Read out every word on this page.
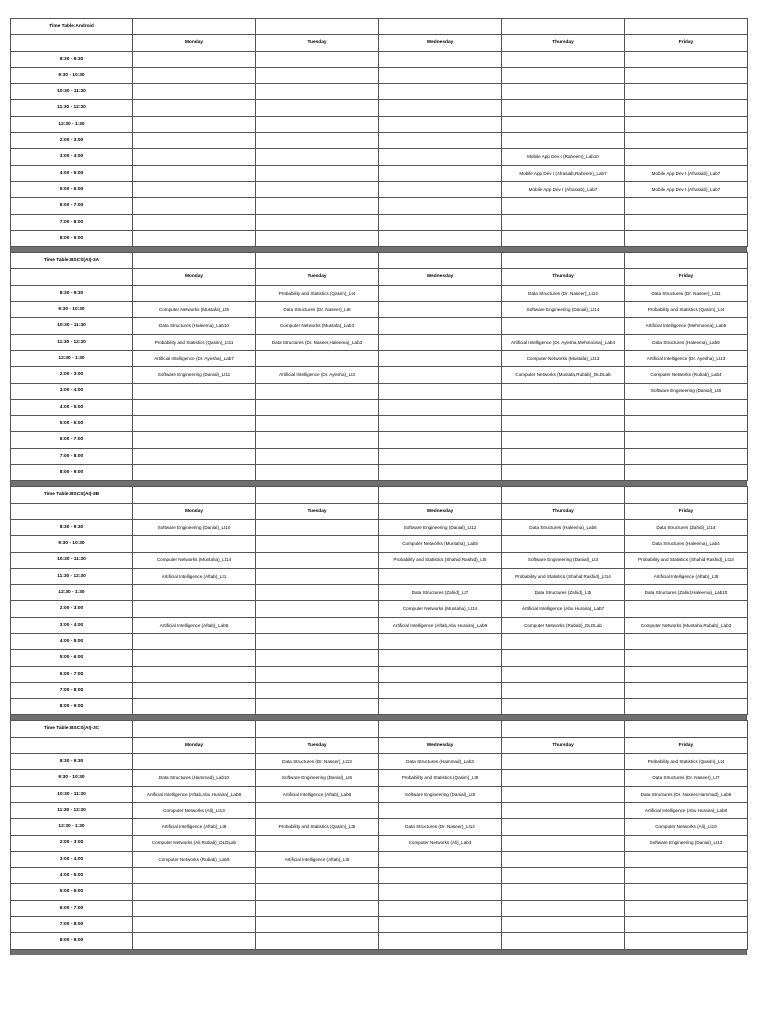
Time Table:Android					
	Monday	Tuesday	Wednesday	Thursday	Friday
8:30 - 9:30					
9:30 - 10:30					
10:30 - 11:30					
11:30 - 12:30					
12:30 - 1:30					
2:00 - 3:00					
3:00 - 4:00				Mobile App Dev I (Raheem)_Lab10	
4:00 - 5:00				Mobile App Dev I (Afrasiab,Raheem)_Lab7	Mobile App Dev I (Afrasiab)_Lab7
5:00 - 6:00				Mobile App Dev I (Afrasiab)_Lab7	Mobile App Dev I (Afrasiab)_Lab7
6:00 - 7:00					
7:00 - 8:00					
8:00 - 9:00					
Time Table:BSCS(AI)-3A					
	Monday	Tuesday	Wednesday	Thursday	Friday
8:30 - 9:30		Probability and Statistics (Qasim)_Lt4		Data Structures (Dr. Naseer)_Lt14	Data Structures (Dr. Naseer)_Lt11
9:30 - 10:30	Computer Networks (Mustafa)_Lt5	Data Structures (Dr. Naseer)_Lt8		Software Engineering (Danial)_Lt14	Probability and Statistics (Qasim)_Lt4
10:30 - 11:30	Data Structures (Haleema)_Lab10	Computer Networks (Mustafa)_Lab3			Artificial Intelligence (Mehmoona)_Lab5
11:30 - 12:30	Probability and Statistics (Qasim)_Lt11	Data Structures (Dr. Naseer,Haleema)_Lab3		Artificial Intelligence (Dr. Ayesha,Mehmoona)_Lab4	Data Structures (Haleema)_Lab9
12:30 - 1:30	Artificial Intelligence (Dr. Ayesha)_Lab7			Computer Networks (Mustafa)_Lt13	Artificial Intelligence (Dr. Ayesha)_Lt13
2:00 - 3:00	Software Engineering (Danial)_Lt11	Artificial Intelligence (Dr. Ayesha)_Lt3		Computer Networks (Mustafa,Rubab)_DLDLab	Computer Networks (Rubab)_Lab4
3:00 - 4:00					Software Engineering (Danial)_Lt8
4:00 - 5:00					
5:00 - 6:00					
6:00 - 7:00					
7:00 - 8:00					
8:00 - 9:00					
Time Table:BSCS(AI)-3B					
	Monday	Tuesday	Wednesday	Thursday	Friday
8:30 - 9:30	Software Engineering (Danial)_Lt10		Software Engineering (Danial)_Lt12	Data Structures (Haleema)_Lab6	Data Structures (Zahid)_Lt14
9:30 - 10:30			Computer Networks (Muntaha)_Lab5		Data Structures (Haleema)_Lab4
10:30 - 11:30	Computer Networks (Muntaha)_Lt14		Probability and Statistics (Shahid Rashid)_Lt5	Software Engineering (Danial)_Lt3	Probability and Statistics (Shahid Rashid)_Lt13
11:30 - 12:30	Artificial Intelligence (Aftab)_Lt1			Probability and Statistics (Shahid Rashid)_Lt14	Artificial Intelligence (Aftab)_Lt5
12:30 - 1:30			Data Structures (Zahid)_Lt7	Data Structures (Zahid)_Lt5	Data Structures (Zahid,Haleema)_Lab10
2:00 - 3:00			Computer Networks (Muntaha)_Lt14	Artificial Intelligence (Abu Huraira)_Lab7	
3:00 - 4:00	Artificial Intelligence (Aftab)_Lab9		Artificial Intelligence (Aftab,Abu Huraira)_Lab9	Computer Networks (Rubab)_DLDLab	Computer Networks (Muntaha,Rubab)_Lab3
4:00 - 5:00					
5:00 - 6:00					
6:00 - 7:00					
7:00 - 8:00					
8:00 - 9:00					
Time Table:BSCS(AI)-3C					
	Monday	Tuesday	Wednesday	Thursday	Friday
8:30 - 9:30		Data Structures (Dr. Naseer)_Lt13	Data Structures (Hammad)_Lab3		Probability and Statistics (Qasim)_Lt4
9:30 - 10:30	Data Structures (Hammad)_Lab10	Software Engineering (Danial)_Lt6	Probability and Statistics (Qasim)_Lt6		Data Structures (Dr. Naseer)_Lt7
10:30 - 11:30	Artificial Intelligence (Aftab,Abu Huraira)_Lab8	Artificial Intelligence (Aftab)_Lab6	Software Engineering (Danial)_Lt9		Data Structures (Dr. Naseer,Hammad)_Lab9
11:30 - 12:30	Computer Networks (Ali)_Lt13				Artificial Intelligence (Abu Huraira)_Lab8
12:30 - 1:30	Artificial Intelligence (Aftab)_Lt8	Probability and Statistics (Qasim)_Lt5	Data Structures (Dr. Naseer)_Lt14		Computer Networks (Ali)_Lt10
2:00 - 3:00	Computer Networks (Ali,Rubab)_DLDLab		Computer Networks (Ali)_Lab3		Software Engineering (Danial)_Lt13
3:00 - 4:00	Computer Networks (Rubab)_Lab5	Artificial Intelligence (Aftab)_Lt5			
4:00 - 5:00					
5:00 - 6:00					
6:00 - 7:00					
7:00 - 8:00					
8:00 - 9:00					
